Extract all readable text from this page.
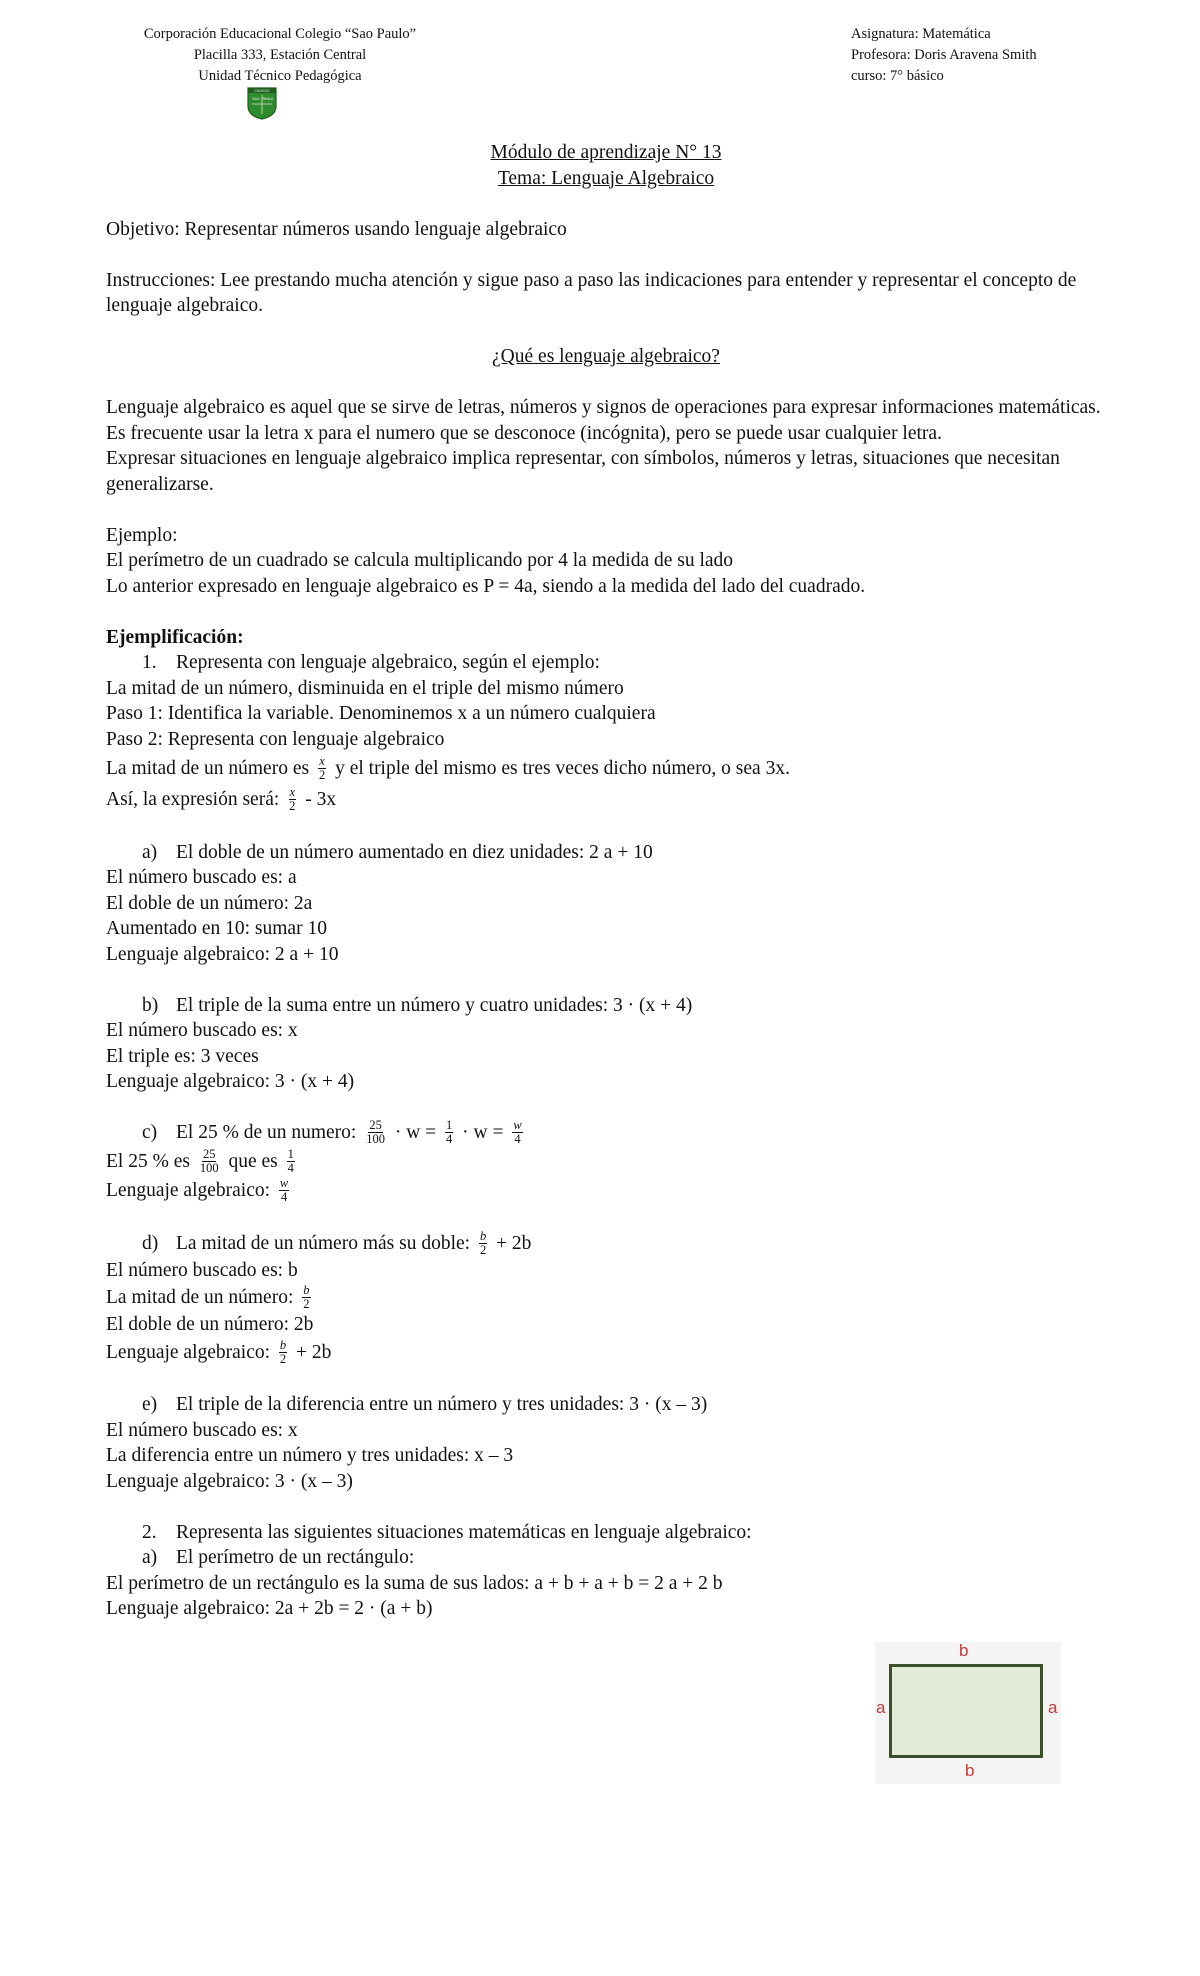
Corporación Educacional Colegio “Sao Paulo”
Placilla 333, Estación Central
Unidad Técnico Pedagógica
Asignatura: Matemática
Profesora: Doris Aravena Smith
curso: 7° básico
COLEGIO
SAO PAULO
Módulo de aprendizaje N° 13
Tema: Lenguaje Algebraico
Objetivo: Representar números usando lenguaje algebraico
Instrucciones: Lee prestando mucha atención y sigue paso a paso las indicaciones para entender y representar el concepto de lenguaje algebraico.
¿Qué es lenguaje algebraico?
Lenguaje algebraico es aquel que se sirve de letras, números y signos de operaciones para expresar informaciones matemáticas. Es frecuente usar la letra x para el numero que se desconoce (incógnita), pero se puede usar cualquier letra.
Expresar situaciones en lenguaje algebraico implica representar, con símbolos, números y letras, situaciones que necesitan generalizarse.
Ejemplo:
El perímetro de un cuadrado se calcula multiplicando por 4 la medida de su lado
Lo anterior expresado en lenguaje algebraico es P = 4a, siendo a la medida del lado del cuadrado.
Ejemplificación:
1. Representa con lenguaje algebraico, según el ejemplo:
La mitad de un número, disminuida en el triple del mismo número
Paso 1: Identifica la variable. Denominemos x a un número cualquiera
Paso 2: Representa con lenguaje algebraico
La mitad de un número es $\frac{x}{2}$ y el triple del mismo es tres veces dicho número, o sea 3x.
Así, la expresión será: $\frac{x}{2} - 3x$
a) El doble de un número aumentado en diez unidades: 2 a + 10
El número buscado es: a
El doble de un número: 2a
Aumentado en 10: sumar 10
Lenguaje algebraico: 2 a + 10
b) El triple de la suma entre un número y cuatro unidades: 3 · (x + 4)
El número buscado es: x
El triple es: 3 veces
Lenguaje algebraico: 3 · (x + 4)
c) El 25 % de un numero: $\frac{25}{100} \cdot w = \frac{1}{4} \cdot w = \frac{w}{4}$
El 25 % es $\frac{25}{100}$ que es $\frac{1}{4}$
Lenguaje algebraico: $\frac{w}{4}$
d) La mitad de un número más su doble: $\frac{b}{2} + 2b$
El número buscado es: b
La mitad de un número: $\frac{b}{2}$
El doble de un número: 2b
Lenguaje algebraico: $\frac{b}{2} + 2b$
e) El triple de la diferencia entre un número y tres unidades: 3 · (x – 3)
El número buscado es: x
La diferencia entre un número y tres unidades: x – 3
Lenguaje algebraico: 3 · (x – 3)
2. Representa las siguientes situaciones matemáticas en lenguaje algebraico:
a) El perímetro de un rectángulo:
El perímetro de un rectángulo es la suma de sus lados: a + b + a + b = 2 a + 2 b
Lenguaje algebraico: 2a + 2b = 2 · (a + b)
b
b
a	a
